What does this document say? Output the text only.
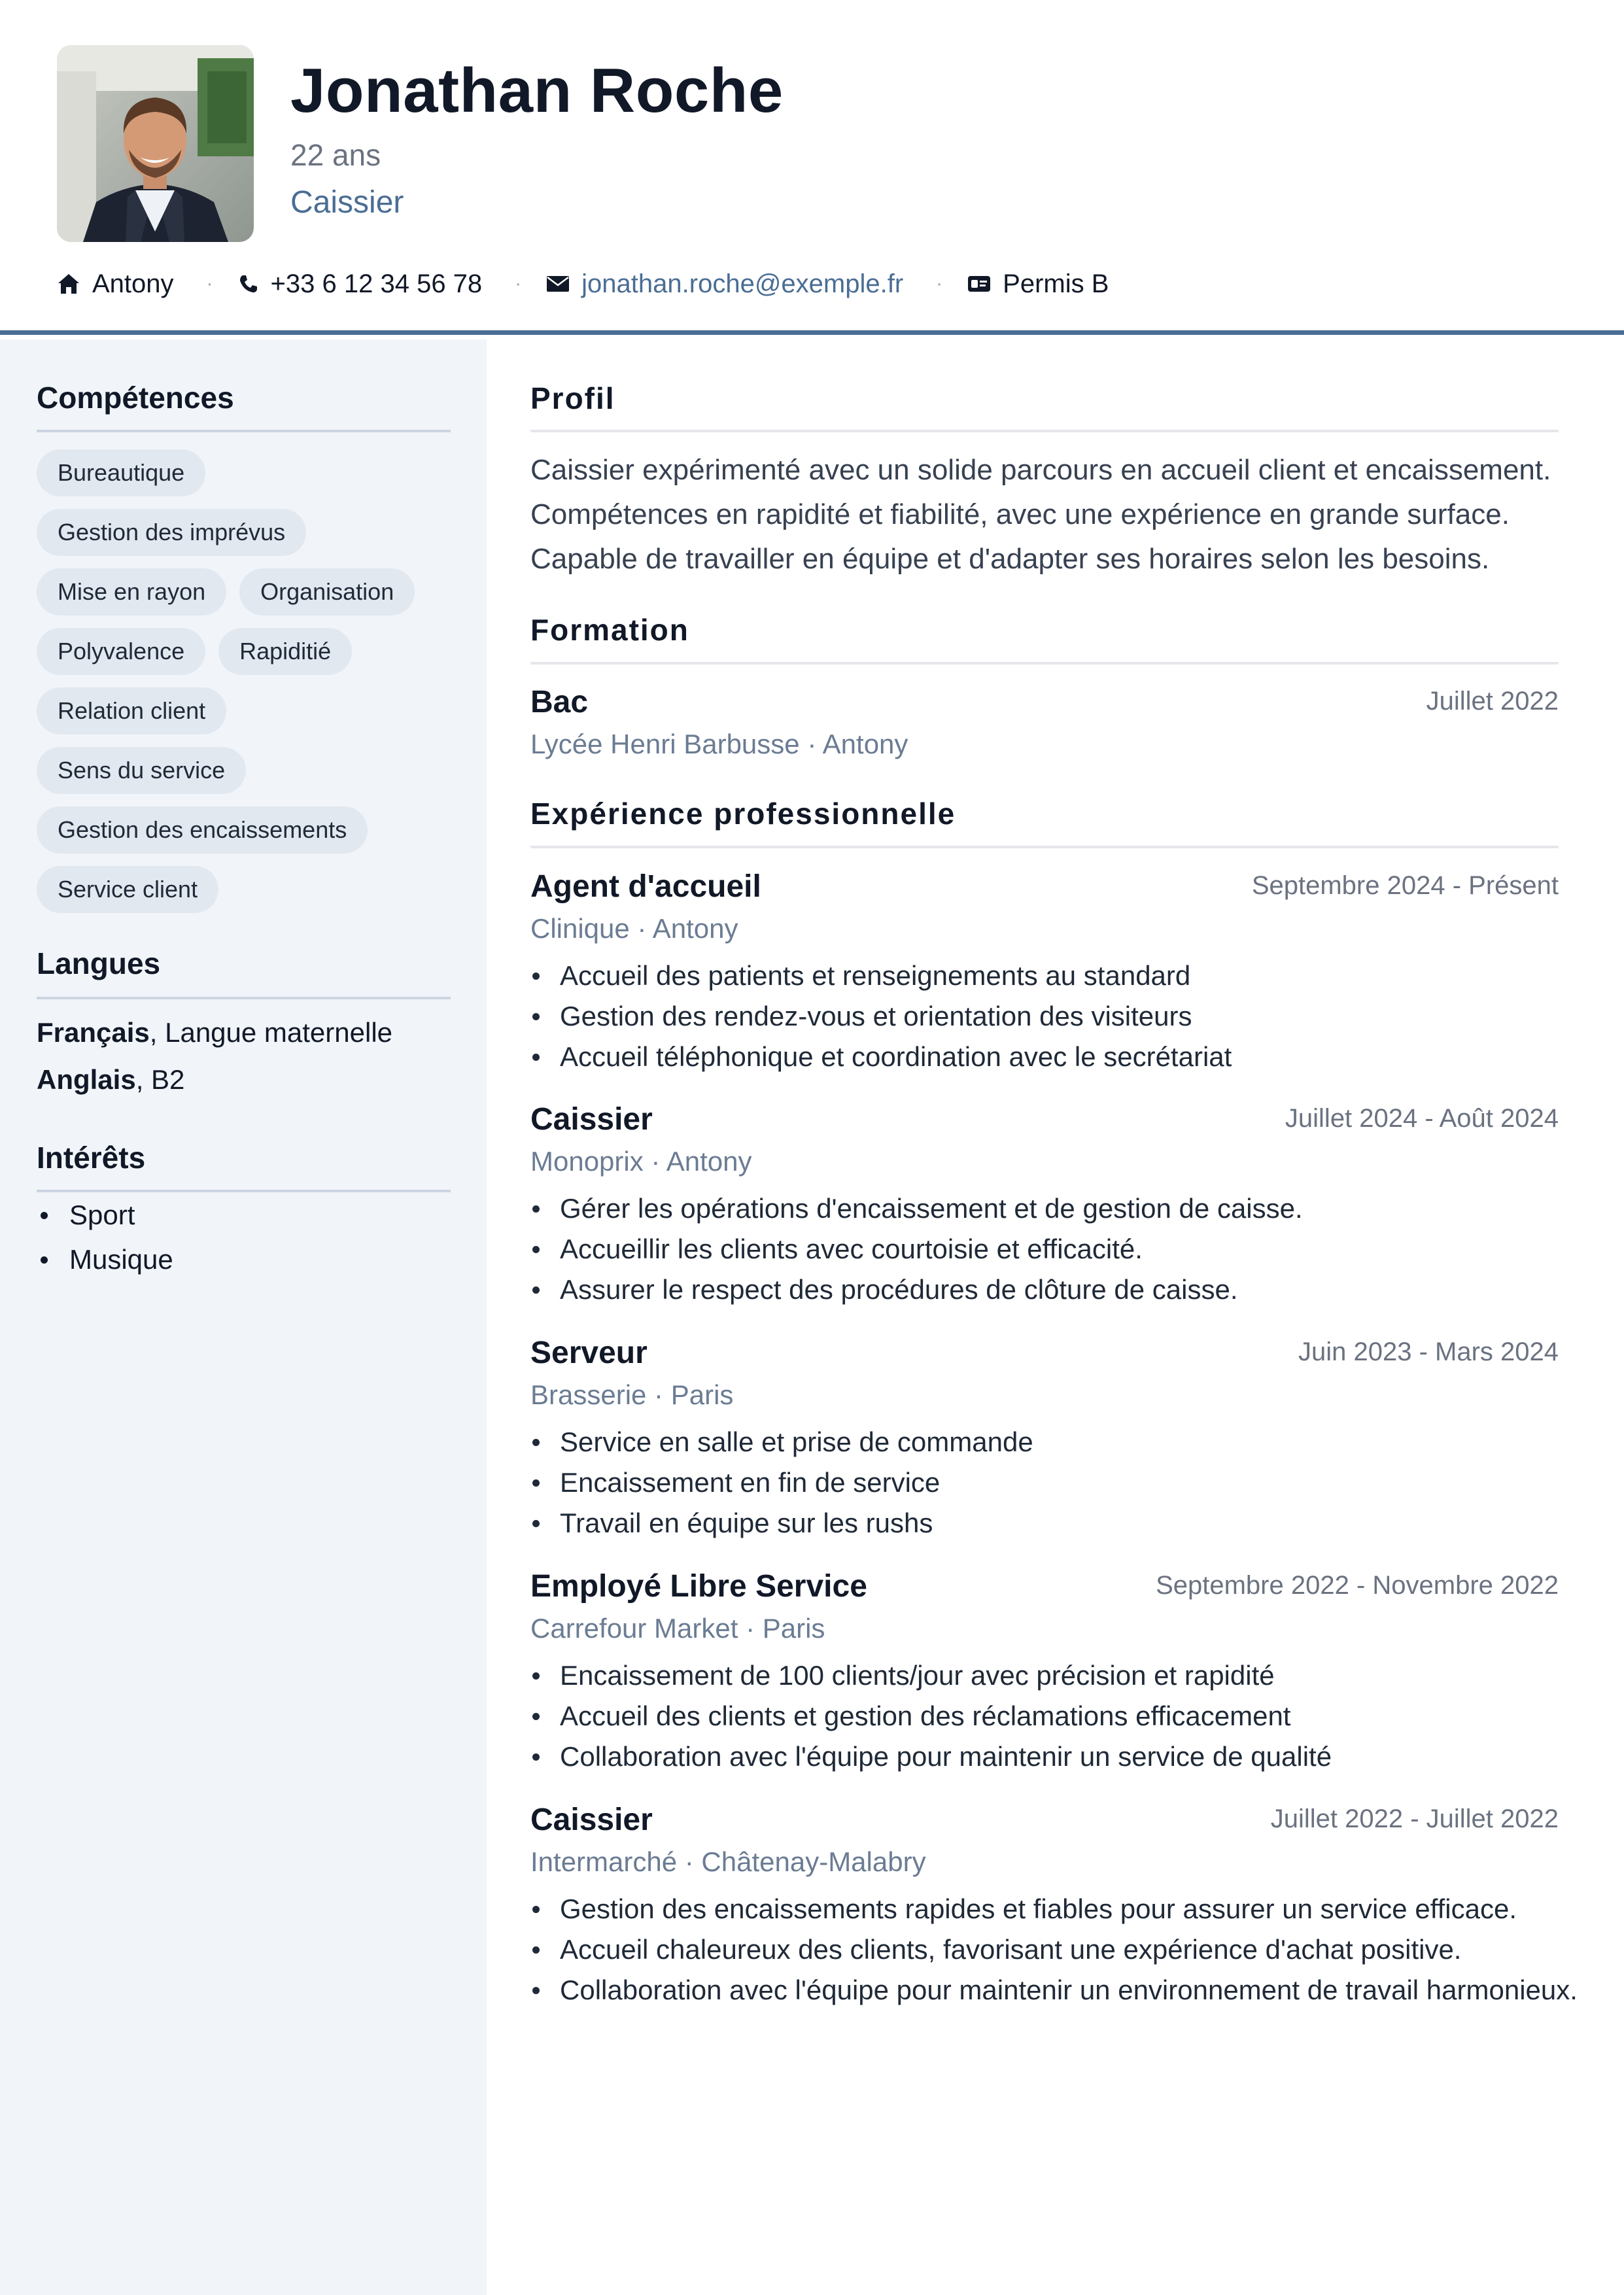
Jonathan Roche
22 ans
Caissier
Antony · +33 6 12 34 56 78 · jonathan.roche@exemple.fr · Permis B
Compétences
Bureautique
Gestion des imprévus
Mise en rayon	Organisation
Polyvalence	Rapiditié
Relation client
Sens du service
Gestion des encaissements
Service client
Langues
Français, Langue maternelle
Anglais, B2
Intérêts
Sport
Musique
Profil
Caissier expérimenté avec un solide parcours en accueil client et encaissement.
Compétences en rapidité et fiabilité, avec une expérience en grande surface.
Capable de travailler en équipe et d'adapter ses horaires selon les besoins.
Formation
Bac	Juillet 2022
Lycée Henri Barbusse · Antony
Expérience professionnelle
Agent d'accueil	Septembre 2024 - Présent
Clinique · Antony
Accueil des patients et renseignements au standard
Gestion des rendez-vous et orientation des visiteurs
Accueil téléphonique et coordination avec le secrétariat
Caissier	Juillet 2024 - Août 2024
Monoprix · Antony
Gérer les opérations d'encaissement et de gestion de caisse.
Accueillir les clients avec courtoisie et efficacité.
Assurer le respect des procédures de clôture de caisse.
Serveur	Juin 2023 - Mars 2024
Brasserie · Paris
Service en salle et prise de commande
Encaissement en fin de service
Travail en équipe sur les rushs
Employé Libre Service	Septembre 2022 - Novembre 2022
Carrefour Market · Paris
Encaissement de 100 clients/jour avec précision et rapidité
Accueil des clients et gestion des réclamations efficacement
Collaboration avec l'équipe pour maintenir un service de qualité
Caissier	Juillet 2022 - Juillet 2022
Intermarché · Châtenay-Malabry
Gestion des encaissements rapides et fiables pour assurer un service efficace.
Accueil chaleureux des clients, favorisant une expérience d'achat positive.
Collaboration avec l'équipe pour maintenir un environnement de travail harmonieux.
